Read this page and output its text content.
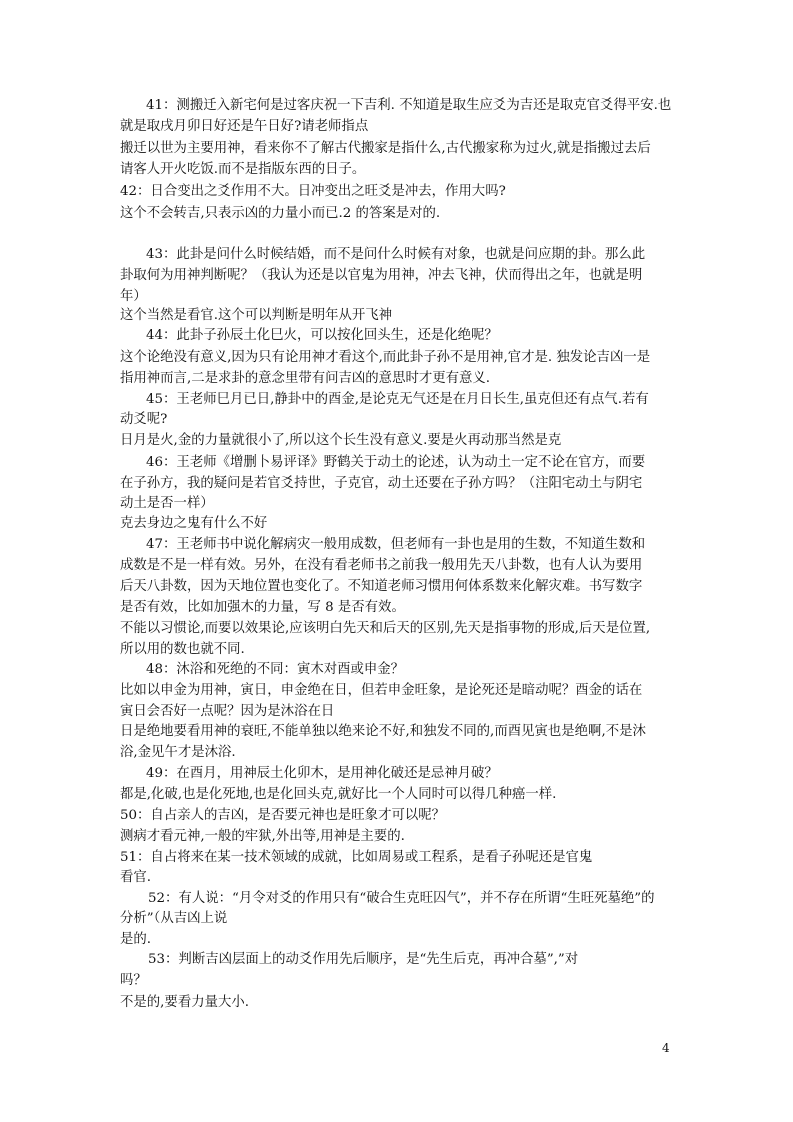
41：测搬迁入新宅何是过客庆祝一下吉利. 不知道是取生应爻为吉还是取克官爻得平安.也
就是取戌月卯日好还是午日好?请老师指点
搬迁以世为主要用神，看来你不了解古代搬家是指什么,古代搬家称为过火,就是指搬过去后
请客人开火吃饭.而不是指版东西的日子。
42：日合变出之爻作用不大。日冲变出之旺爻是冲去，作用大吗?
这个不会转吉,只表示凶的力量小而已.2 的答案是对的.
43：此卦是问什么时候结婚，而不是问什么时候有对象，也就是问应期的卦。那么此
卦取何为用神判断呢？（我认为还是以官鬼为用神，冲去飞神，伏而得出之年，也就是明
年）
这个当然是看官.这个可以判断是明年从开飞神
44：此卦子孙辰土化巳火，可以按化回头生，还是化绝呢？
这个论绝没有意义,因为只有论用神才看这个,而此卦子孙不是用神,官才是. 独发论吉凶一是
指用神而言,二是求卦的意念里带有问吉凶的意思时才更有意义.
45：王老师巳月已日,静卦中的酉金,是论克无气还是在月日长生,虽克但还有点气.若有
动爻呢?
日月是火,金的力量就很小了,所以这个长生没有意义.要是火再动那当然是克
46：王老师《增删卜易评译》野鹤关于动土的论述，认为动土一定不论在官方，而要
在子孙方，我的疑问是若官爻持世，子克官，动土还要在子孙方吗？（注阳宅动土与阴宅
动土是否一样）
克去身边之鬼有什么不好
47：王老师书中说化解病灾一般用成数，但老师有一卦也是用的生数，不知道生数和
成数是不是一样有效。另外，在没有看老师书之前我一般用先天八卦数，也有人认为要用
后天八卦数，因为天地位置也变化了。不知道老师习惯用何体系数来化解灾难。书写数字
是否有效，比如加强木的力量，写 8 是否有效。
不能以习惯论,而要以效果论,应该明白先天和后天的区别,先天是指事物的形成,后天是位置,
所以用的数也就不同.
48：沐浴和死绝的不同：寅木对酉或申金？
比如以申金为用神，寅日，申金绝在日，但若申金旺象，是论死还是暗动呢？酉金的话在
寅日会否好一点呢？因为是沐浴在日
日是绝地要看用神的衰旺,不能单独以绝来论不好,和独发不同的,而酉见寅也是绝啊,不是沐
浴,金见午才是沐浴.
49：在酉月，用神辰土化卯木，是用神化破还是忌神月破？
都是,化破,也是化死地,也是化回头克,就好比一个人同时可以得几种癌一样.
50：自占亲人的吉凶，是否要元神也是旺象才可以呢？
测病才看元神,一般的牢狱,外出等,用神是主要的.
51：自占将来在某一技术领域的成就，比如周易或工程系，是看子孙呢还是官鬼
看官.
52：有人说：“月令对爻的作用只有“破合生克旺囚气”，并不存在所谓“生旺死墓绝”的
分析”（从吉凶上说
是的.
53：判断吉凶层面上的动爻作用先后顺序，是“先生后克，再冲合墓”,”对
吗？
不是的,要看力量大小.
4
